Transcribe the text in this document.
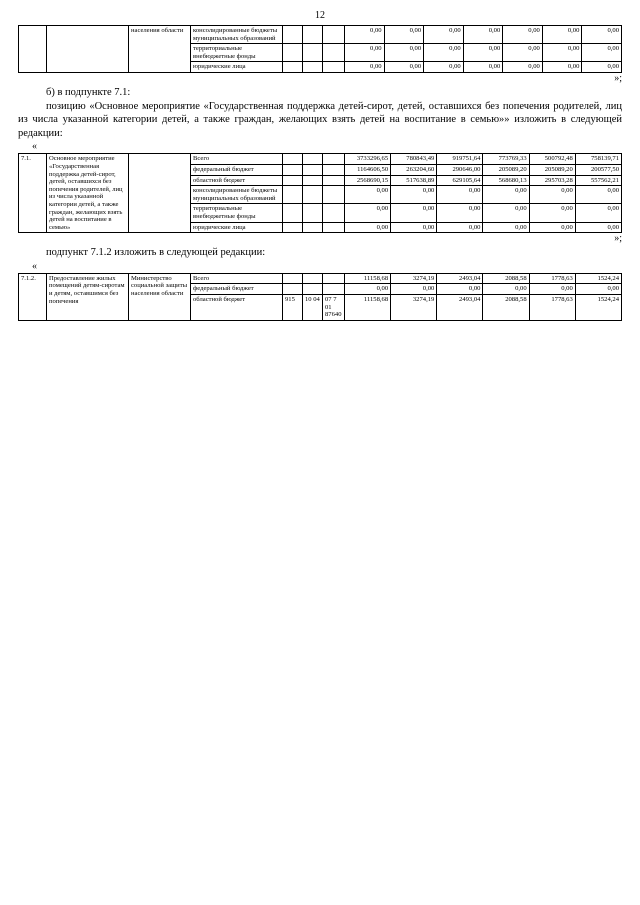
12
		населения области	консолидированные бюджеты муниципальных образований				0,00	0,00	0,00	0,00	0,00	0,00	0,00
			территориальные внебюджетные фонды				0,00	0,00	0,00	0,00	0,00	0,00	0,00
			юридические лица				0,00	0,00	0,00	0,00	0,00	0,00	0,00
»;

б) в подпункте 7.1:

позицию «Основное мероприятие «Государственная поддержка детей-сирот, детей, оставшихся без попечения родителей, лиц из числа указанной категории детей, а также граждан, желающих взять детей на воспитание в семью»» изложить в следующей редакции:

«
7.1.	Основное мероприятие «Государственная поддержка детей-сирот, детей, оставшихся без попечения родителей, лиц из числа указанной категории детей, а также граждан, желающих взять детей на воспитание в семью»		Всего				3733296,65	780843,49	919751,64	773769,33	500792,48	758139,71
			федеральный бюджет				1164606,50	263204,60	290646,00	205089,20	205089,20	200577,50
			областной бюджет				2568690,15	517638,89	629105,64	568680,13	295703,28	557562,21
			консолидированные бюджеты муниципальных образований				0,00	0,00	0,00	0,00	0,00	0,00
			территориальные внебюджетные фонды				0,00	0,00	0,00	0,00	0,00	0,00
			юридические лица				0,00	0,00	0,00	0,00	0,00	0,00
»;

подпункт 7.1.2 изложить в следующей редакции:

«
7.1.2.	Предоставление жилых помещений детям-сиротам и детям, оставшимся без попечения	Министерство социальной защиты населения области	Всего				11158,68	3274,19	2493,04	2088,58	1778,63	1524,24
			федеральный бюджет				0,00	0,00	0,00	0,00	0,00	0,00
			областной бюджет	915	10 04	07 7 01 87640	11158,68	3274,19	2493,04	2088,58	1778,63	1524,24
